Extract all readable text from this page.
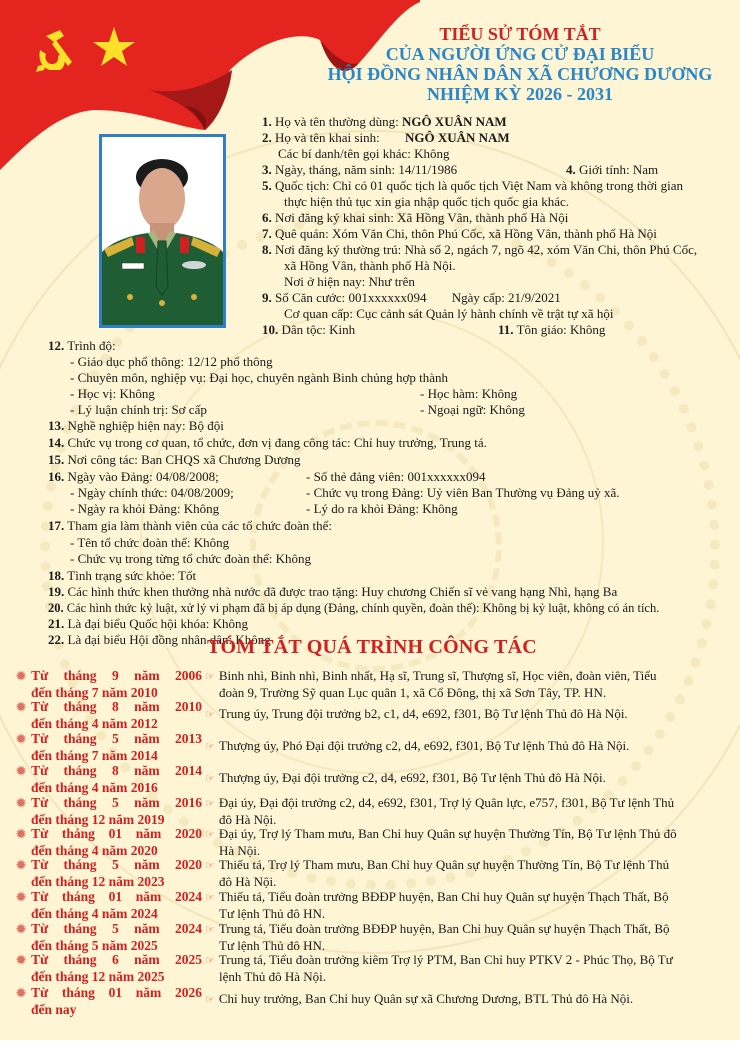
TIỂU SỬ TÓM TẮT
CỦA NGƯỜI ỨNG CỬ ĐẠI BIỂU
HỘI ĐỒNG NHÂN DÂN XÃ CHƯƠNG DƯƠNG
NHIỆM KỲ 2026 - 2031
1. Họ và tên thường dùng: NGÔ XUÂN NAM
2. Họ và tên khai sinh: NGÔ XUÂN NAM
Các bí danh/tên gọi khác: Không
3. Ngày, tháng, năm sinh: 14/11/1986	4. Giới tính: Nam
5. Quốc tịch: Chỉ có 01 quốc tịch là quốc tịch Việt Nam và không trong thời gian
thực hiện thủ tục xin gia nhập quốc tịch quốc gia khác.
6. Nơi đăng ký khai sinh: Xã Hồng Vân, thành phố Hà Nội
7. Quê quán: Xóm Văn Chi, thôn Phú Cốc, xã Hồng Vân, thành phố Hà Nội
8. Nơi đăng ký thường trú: Nhà số 2, ngách 7, ngõ 42, xóm Văn Chi, thôn Phú Cốc,
xã Hồng Vân, thành phố Hà Nội.
Nơi ở hiện nay: Như trên
9. Số Căn cước: 001xxxxxx094 Ngày cấp: 21/9/2021
Cơ quan cấp: Cục cảnh sát Quản lý hành chính về trật tự xã hội
10. Dân tộc: Kinh	11. Tôn giáo: Không
12. Trình độ:
- Giáo dục phổ thông: 12/12 phổ thông
- Chuyên môn, nghiệp vụ: Đại học, chuyên ngành Binh chủng hợp thành
- Học vị: Không	- Học hàm: Không
- Lý luận chính trị: Sơ cấp	- Ngoại ngữ: Không
13. Nghề nghiệp hiện nay: Bộ đội
14. Chức vụ trong cơ quan, tổ chức, đơn vị đang công tác: Chỉ huy trưởng, Trung tá.
15. Nơi công tác: Ban CHQS xã Chương Dương
16. Ngày vào Đảng: 04/08/2008;	- Số thẻ đảng viên: 001xxxxxx094
- Ngày chính thức: 04/08/2009;	- Chức vụ trong Đảng: Uỷ viên Ban Thường vụ Đảng uỷ xã.
- Ngày ra khỏi Đảng: Không	- Lý do ra khỏi Đảng: Không
17. Tham gia làm thành viên của các tổ chức đoàn thể:
- Tên tổ chức đoàn thể: Không
- Chức vụ trong từng tổ chức đoàn thể: Không
18. Tình trạng sức khỏe: Tốt
19. Các hình thức khen thưởng nhà nước đã được trao tặng: Huy chương Chiến sĩ vẻ vang hạng Nhì, hạng Ba
20. Các hình thức kỷ luật, xử lý vi phạm đã bị áp dụng (Đảng, chính quyền, đoàn thể): Không bị kỷ luật, không có án tích.
21. Là đại biểu Quốc hội khóa: Không
22. Là đại biểu Hội đồng nhân dân: Không
TÓM TẮT QUÁ TRÌNH CÔNG TÁC
✹ Từ tháng 9 năm 2006
đến tháng 7 năm 2010
☞ Binh nhì, Binh nhì, Binh nhất, Hạ sĩ, Trung sĩ, Thượng sĩ, Học viên, đoàn viên, Tiểu
đoàn 9, Trường Sỹ quan Lục quân 1, xã Cổ Đông, thị xã Sơn Tây, TP. HN.
✹ Từ tháng 8 năm 2010
đến tháng 4 năm 2012
☞ Trung úy, Trung đội trưởng b2, c1, d4, e692, f301, Bộ Tư lệnh Thủ đô Hà Nội.
✹ Từ tháng 5 năm 2013
đến tháng 7 năm 2014
☞ Thượng úy, Phó Đại đội trưởng c2, d4, e692, f301, Bộ Tư lệnh Thủ đô Hà Nội.
✹ Từ tháng 8 năm 2014
đến tháng 4 năm 2016
☞ Thượng úy, Đại đội trưởng c2, d4, e692, f301, Bộ Tư lệnh Thủ đô Hà Nội.
✹ Từ tháng 5 năm 2016
đến tháng 12 năm 2019
☞ Đại úy, Đại đội trưởng c2, d4, e692, f301, Trợ lý Quân lực, e757, f301, Bộ Tư lệnh Thủ
đô Hà Nội.
✹ Từ tháng 01 năm 2020
đến tháng 4 năm 2020
☞ Đại úy, Trợ lý Tham mưu, Ban Chỉ huy Quân sự huyện Thường Tín, Bộ Tư lệnh Thủ đô
Hà Nội.
✹ Từ tháng 5 năm 2020
đến tháng 12 năm 2023
☞ Thiếu tá, Trợ lý Tham mưu, Ban Chỉ huy Quân sự huyện Thường Tín, Bộ Tư lệnh Thủ
đô Hà Nội.
✹ Từ tháng 01 năm 2024
đến tháng 4 năm 2024
☞ Thiếu tá, Tiểu đoàn trưởng BĐĐP huyện, Ban Chỉ huy Quân sự huyện Thạch Thất, Bộ
Tư lệnh Thủ đô HN.
✹ Từ tháng 5 năm 2024
đến tháng 5 năm 2025
☞ Trung tá, Tiểu đoàn trưởng BĐĐP huyện, Ban Chỉ huy Quân sự huyện Thạch Thất, Bộ
Tư lệnh Thủ đô HN.
✹ Từ tháng 6 năm 2025
đến tháng 12 năm 2025
☞ Trung tá, Tiểu đoàn trưởng kiêm Trợ lý PTM, Ban Chỉ huy PTKV 2 - Phúc Thọ, Bộ Tư
lệnh Thủ đô Hà Nội.
✹ Từ tháng 01 năm 2026
đến nay
☞ Chỉ huy trưởng, Ban Chỉ huy Quân sự xã Chương Dương, BTL Thủ đô Hà Nội.
